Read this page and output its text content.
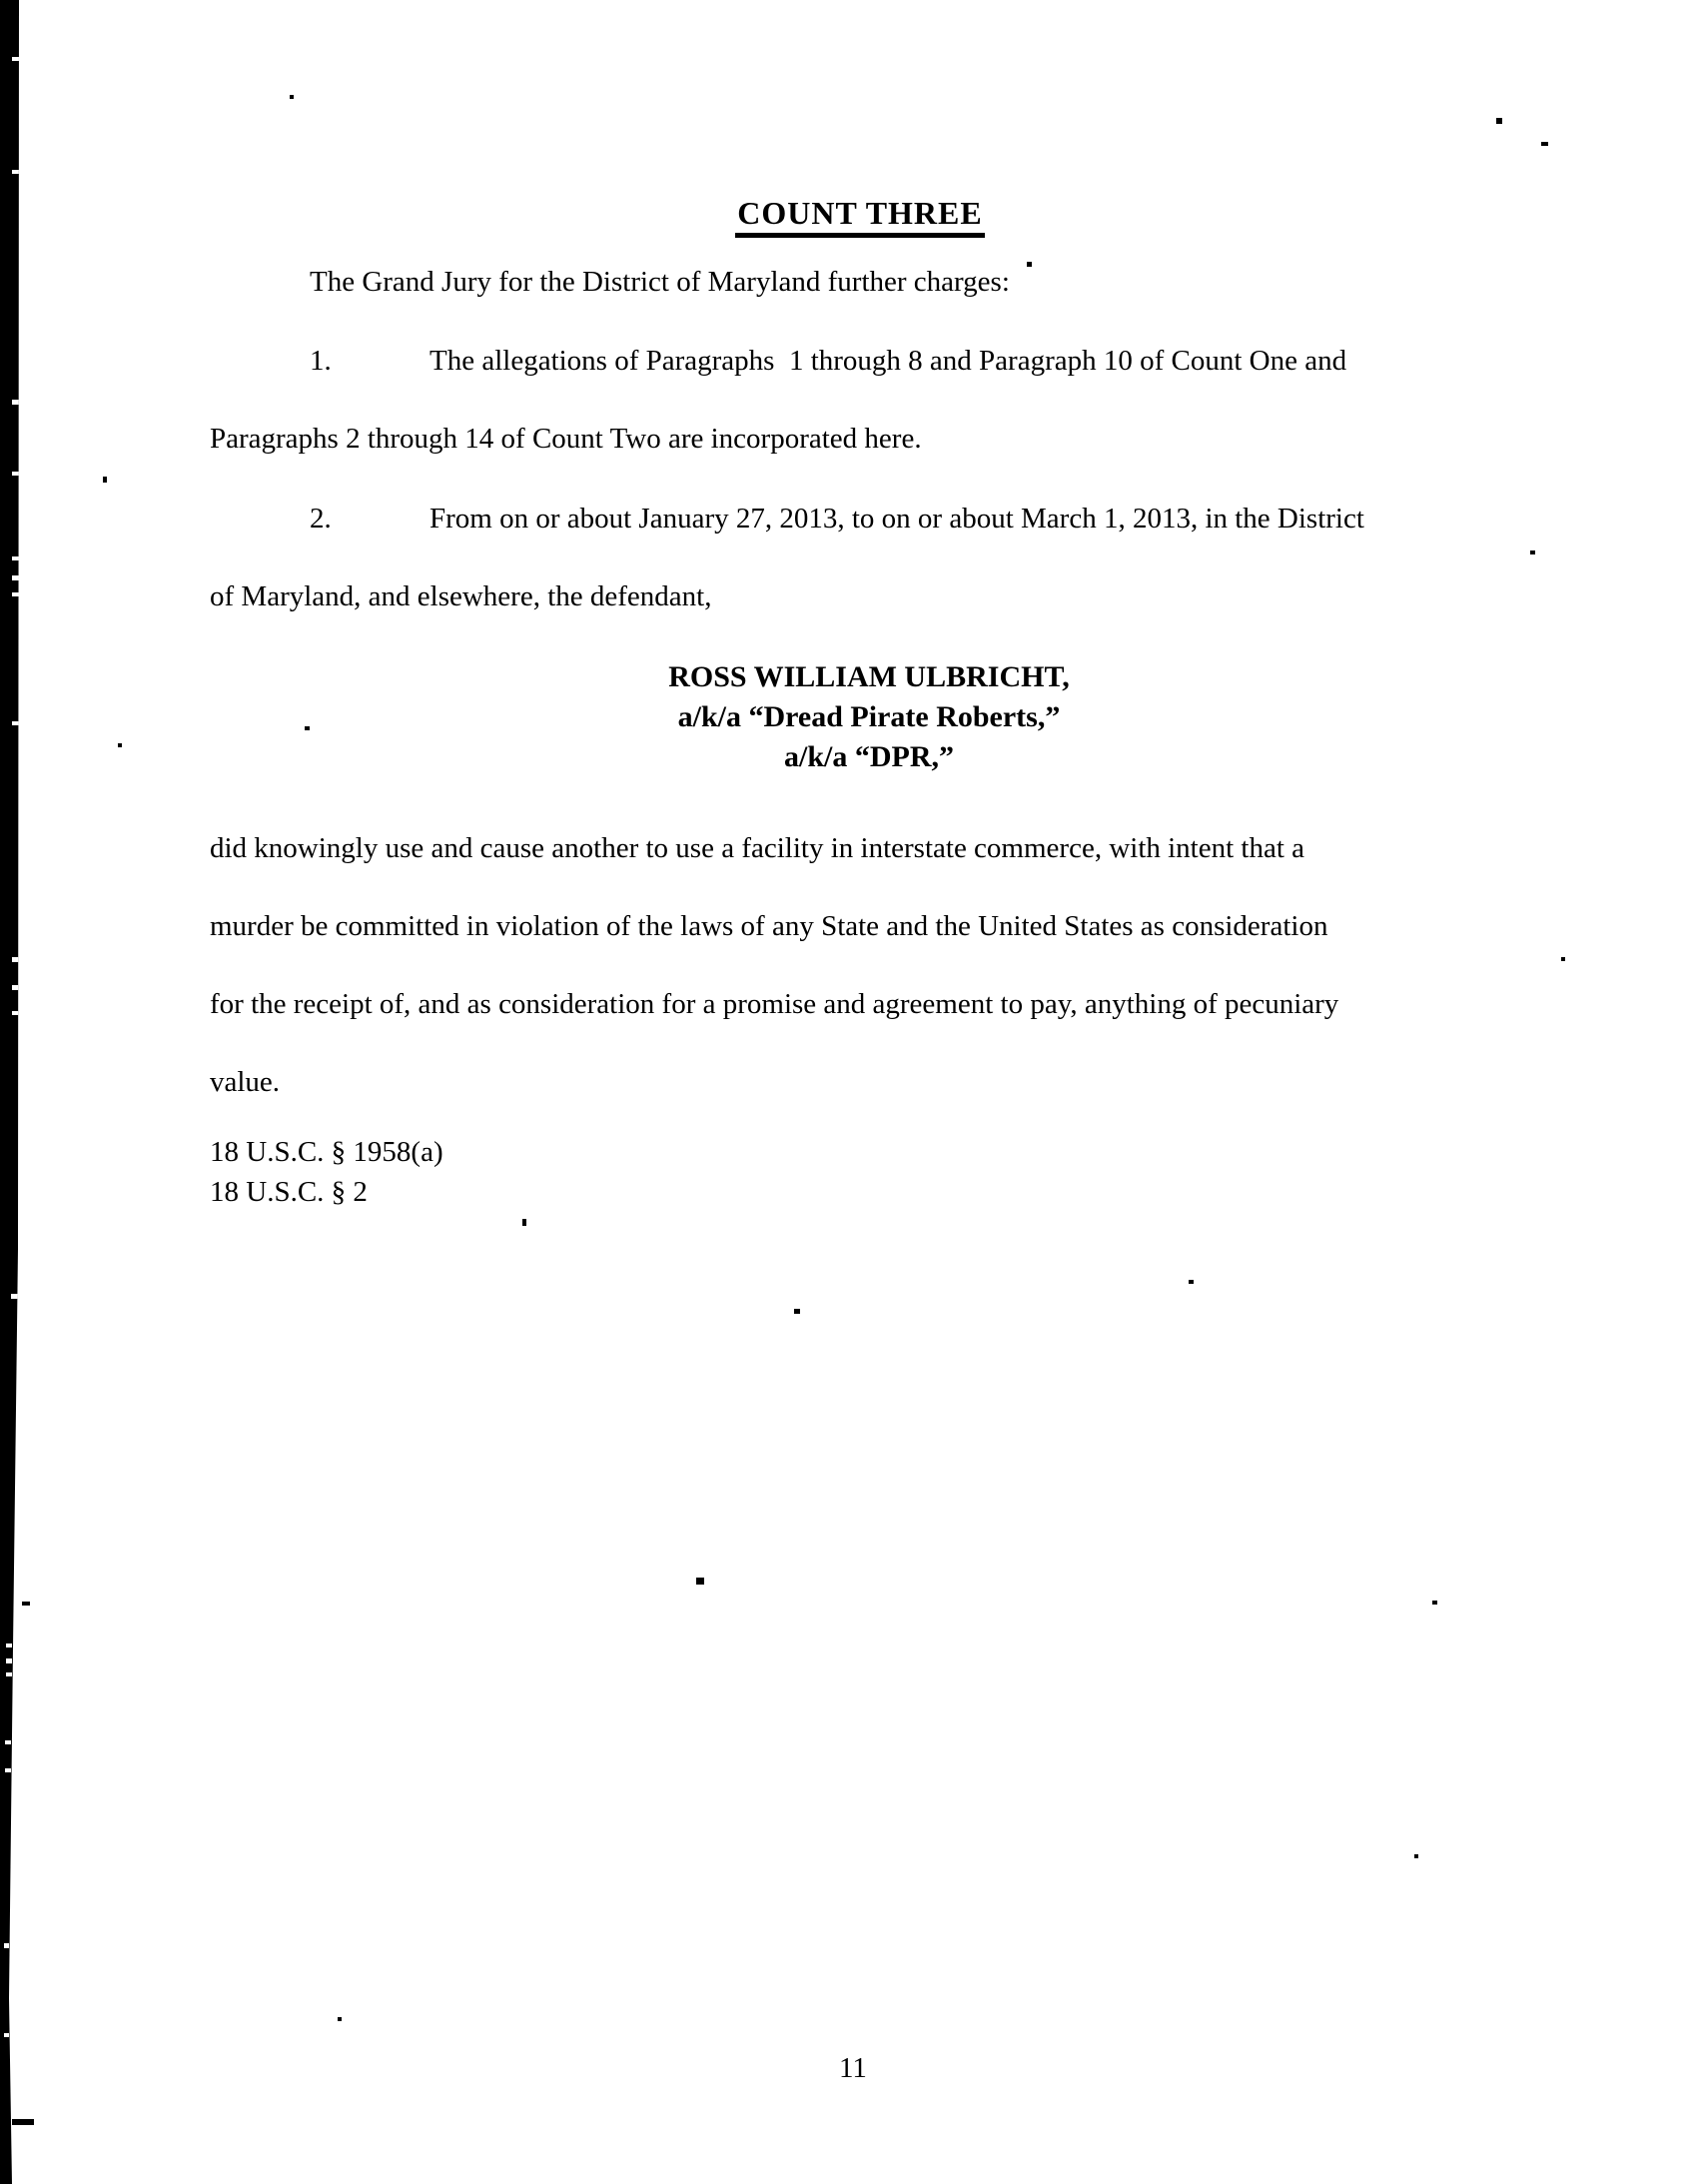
COUNT THREE
The Grand Jury for the District of Maryland further charges:
1.	The allegations of Paragraphs  1 through 8 and Paragraph 10 of Count One and
Paragraphs 2 through 14 of Count Two are incorporated here.
2.	From on or about January 27, 2013, to on or about March 1, 2013, in the District
of Maryland, and elsewhere, the defendant,
ROSS WILLIAM ULBRICHT,
a/k/a “Dread Pirate Roberts,”
a/k/a “DPR,”
did knowingly use and cause another to use a facility in interstate commerce, with intent that a
murder be committed in violation of the laws of any State and the United States as consideration
for the receipt of, and as consideration for a promise and agreement to pay, anything of pecuniary
value.
18 U.S.C. § 1958(a)
18 U.S.C. § 2
11
